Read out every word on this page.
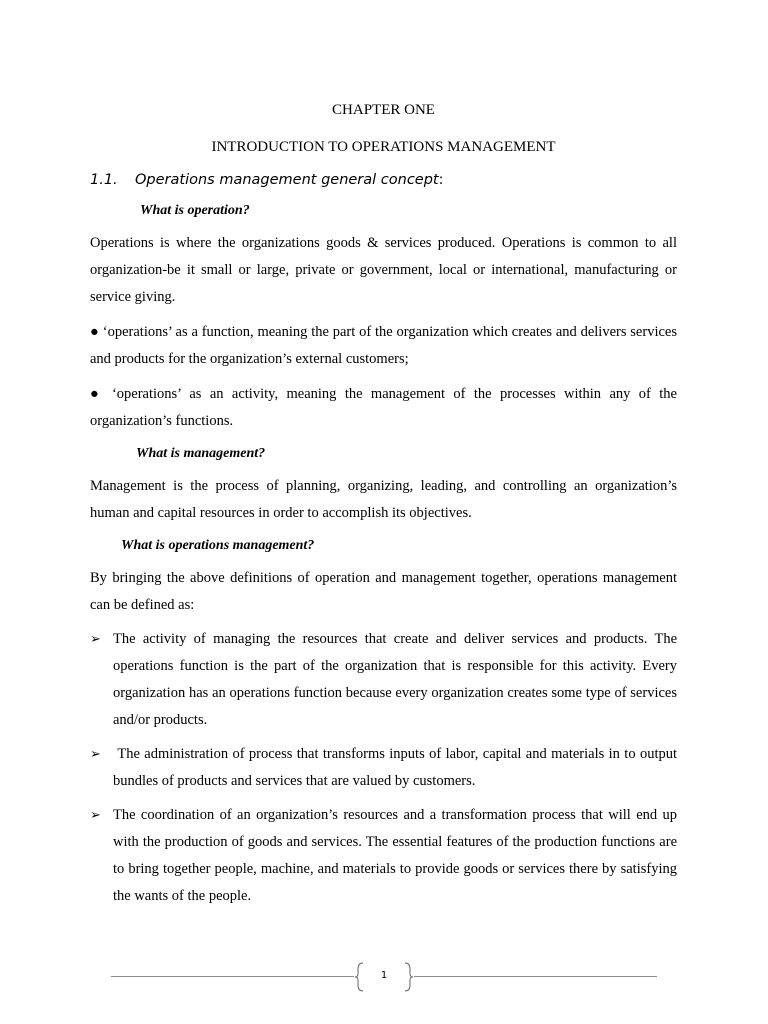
CHAPTER ONE
INTRODUCTION TO OPERATIONS MANAGEMENT
1.1. Operations management general concept:
What is operation?
Operations is where the organizations goods & services produced. Operations is common to all organization-be it small or large, private or government, local or international, manufacturing or service giving.
● ‘operations’ as a function, meaning the part of the organization which creates and delivers services and products for the organization’s external customers;
● ‘operations’ as an activity, meaning the management of the processes within any of the organization’s functions.
What is management?
Management is the process of planning, organizing, leading, and controlling an organization’s human and capital resources in order to accomplish its objectives.
What is operations management?
By bringing the above definitions of operation and management together, operations management can be defined as:
➢ The activity of managing the resources that create and deliver services and products. The operations function is the part of the organization that is responsible for this activity. Every organization has an operations function because every organization creates some type of services and/or products.
➢ The administration of process that transforms inputs of labor, capital and materials in to output bundles of products and services that are valued by customers.
➢ The coordination of an organization’s resources and a transformation process that will end up with the production of goods and services. The essential features of the production functions are to bring together people, machine, and materials to provide goods or services there by satisfying the wants of the people.
1
